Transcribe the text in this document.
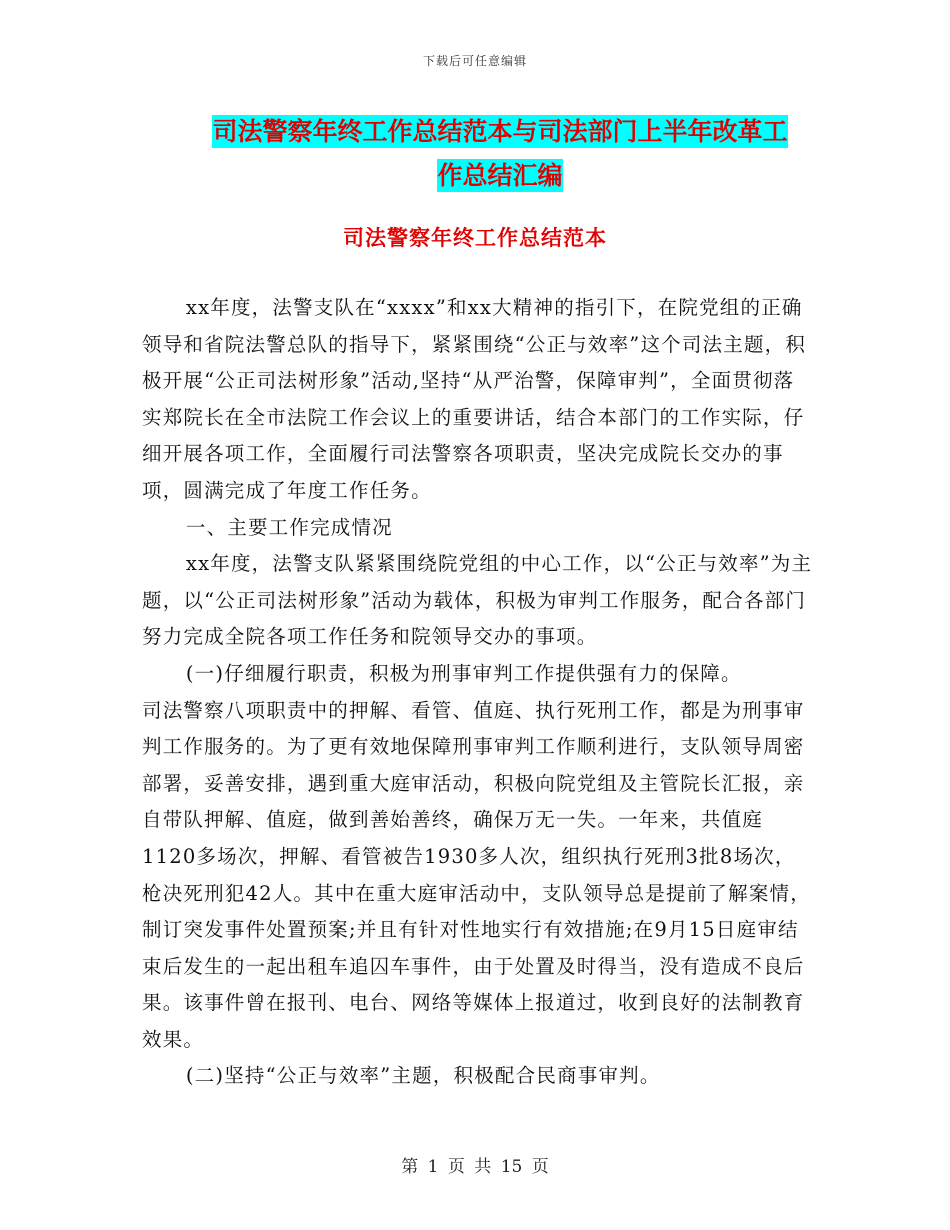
下载后可任意编辑
司法警察年终工作总结范本与司法部门上半年改革工
作总结汇编
司法警察年终工作总结范本

xx年度，法警支队在“xxxx”和xx大精神的指引下，在院党组的正确领导和省院法警总队的指导下，紧紧围绕“公正与效率”这个司法主题，积极开展“公正司法树形象”活动,坚持“从严治警，保障审判”，全面贯彻落实郑院长在全市法院工作会议上的重要讲话，结合本部门的工作实际，仔细开展各项工作，全面履行司法警察各项职责，坚决完成院长交办的事项，圆满完成了年度工作任务。

一、主要工作完成情况

xx年度，法警支队紧紧围绕院党组的中心工作，以“公正与效率”为主题，以“公正司法树形象”活动为载体，积极为审判工作服务，配合各部门努力完成全院各项工作任务和院领导交办的事项。

(一)仔细履行职责，积极为刑事审判工作提供强有力的保障。

司法警察八项职责中的押解、看管、值庭、执行死刑工作，都是为刑事审判工作服务的。为了更有效地保障刑事审判工作顺利进行，支队领导周密部署，妥善安排，遇到重大庭审活动，积极向院党组及主管院长汇报，亲自带队押解、值庭，做到善始善终，确保万无一失。一年来，共值庭1120多场次，押解、看管被告1930多人次，组织执行死刑3批8场次，枪决死刑犯42人。其中在重大庭审活动中，支队领导总是提前了解案情，制订突发事件处置预案;并且有针对性地实行有效措施;在9月15日庭审结束后发生的一起出租车追囚车事件，由于处置及时得当，没有造成不良后果。该事件曾在报刊、电台、网络等媒体上报道过，收到良好的法制教育效果。

(二)坚持“公正与效率”主题，积极配合民商事审判。

第 1 页 共 15 页
